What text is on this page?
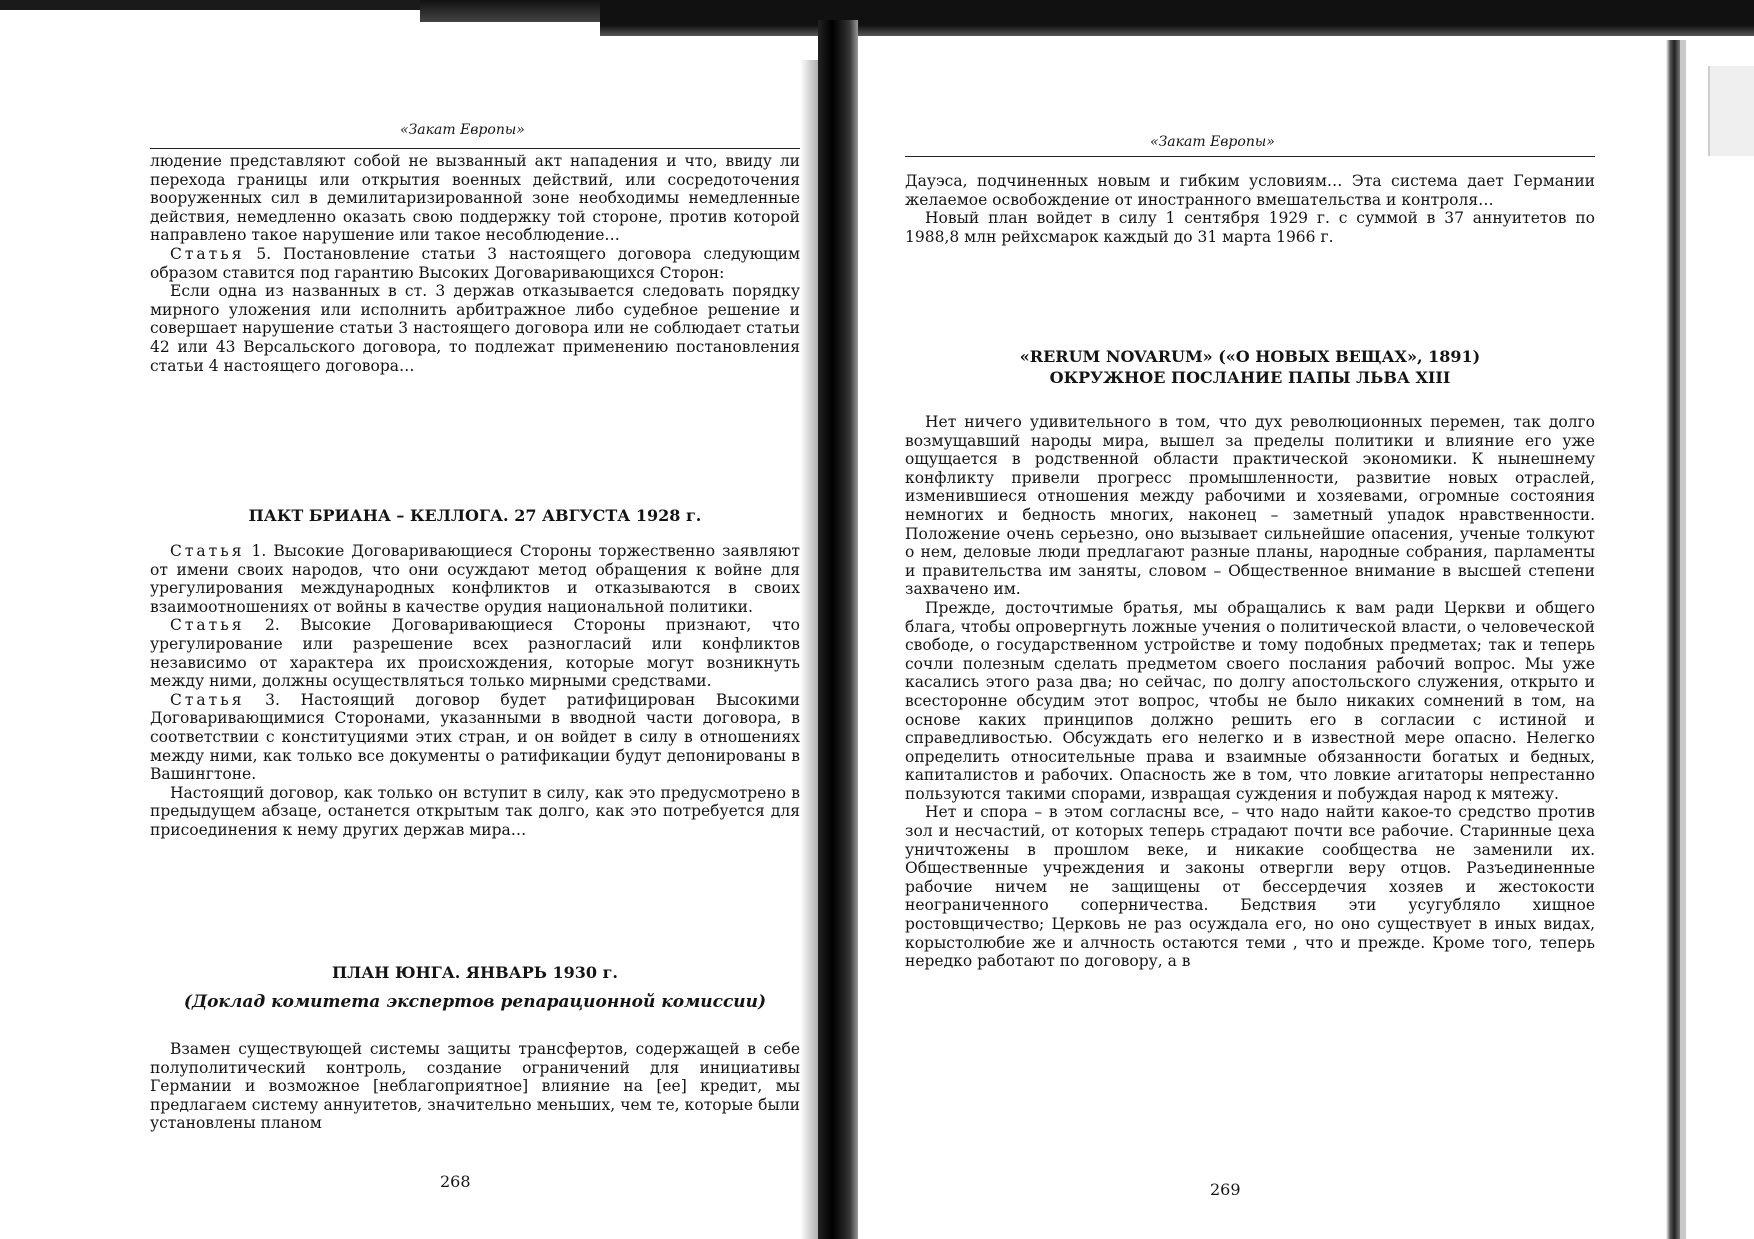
«Закат Европы»

людение представляют собой не вызванный акт нападения и что, ввиду ли перехода границы или открытия военных действий, или сосредоточения вооруженных сил в демилитаризированной зоне необходимы немедленные действия, немедленно оказать свою поддержку той стороне, против которой направлено такое нарушение или такое несоблюдение…

Статья 5. Постановление статьи 3 настоящего договора следующим образом ставится под гарантию Высоких Договаривающихся Сторон:

Если одна из названных в ст. 3 держав отказывается следовать порядку мирного уложения или исполнить арбитражное либо судебное решение и совершает нарушение статьи 3 настоящего договора или не соблюдает статьи 42 или 43 Версальского договора, то подлежат применению постановления статьи 4 настоящего договора…

ПАКТ БРИАНА – КЕЛЛОГА. 27 АВГУСТА 1928 г.

Статья 1. Высокие Договаривающиеся Стороны торжественно заявляют от имени своих народов, что они осуждают метод обращения к войне для урегулирования международных конфликтов и отказываются в своих взаимоотношениях от войны в качестве орудия национальной политики.

Статья 2. Высокие Договаривающиеся Стороны признают, что урегулирование или разрешение всех разногласий или конфликтов независимо от характера их происхождения, которые могут возникнуть между ними, должны осуществляться только мирными средствами.

Статья 3. Настоящий договор будет ратифицирован Высокими Договаривающимися Сторонами, указанными в вводной части договора, в соответствии с конституциями этих стран, и он войдет в силу в отношениях между ними, как только все документы о ратификации будут депонированы в Вашингтоне.

Настоящий договор, как только он вступит в силу, как это предусмотрено в предыдущем абзаце, останется открытым так долго, как это потребуется для присоединения к нему других держав мира…

ПЛАН ЮНГА. ЯНВАРЬ 1930 г.
(Доклад комитета экспертов репарационной комиссии)

Взамен существующей системы защиты трансфертов, содержащей в себе полуполитический контроль, создание ограничений для инициативы Германии и возможное [неблагоприятное] влияние на [ее] кредит, мы предлагаем систему аннуитетов, значительно меньших, чем те, которые были установлены планом

268
«Закат Европы»

Дауэса, подчиненных новым и гибким условиям… Эта система дает Германии желаемое освобождение от иностранного вмешательства и контроля…

Новый план войдет в силу 1 сентября 1929 г. с суммой в 37 аннуитетов по 1988,8 млн рейхсмарок каждый до 31 марта 1966 г.

«RERUM NOVARUM» («О НОВЫХ ВЕЩАХ», 1891)
ОКРУЖНОЕ ПОСЛАНИЕ ПАПЫ ЛЬВА XIII

Нет ничего удивительного в том, что дух революционных перемен, так долго возмущавший народы мира, вышел за пределы политики и влияние его уже ощущается в родственной области практической экономики. К нынешнему конфликту привели прогресс промышленности, развитие новых отраслей, изменившиеся отношения между рабочими и хозяевами, огромные состояния немногих и бедность многих, наконец – заметный упадок нравственности. Положение очень серьезно, оно вызывает сильнейшие опасения, ученые толкуют о нем, деловые люди предлагают разные планы, народные собрания, парламенты и правительства им заняты, словом – Общественное внимание в высшей степени захвачено им.

Прежде, досточтимые братья, мы обращались к вам ради Церкви и общего блага, чтобы опровергнуть ложные учения о политической власти, о человеческой свободе, о государственном устройстве и тому подобных предметах; так и теперь сочли полезным сделать предметом своего послания рабочий вопрос. Мы уже касались этого раза два; но сейчас, по долгу апостольского служения, открыто и всесторонне обсудим этот вопрос, чтобы не было никаких сомнений в том, на основе каких принципов должно решить его в согласии с истиной и справедливостью. Обсуждать его нелегко и в известной мере опасно. Нелегко определить относительные права и взаимные обязанности богатых и бедных, капиталистов и рабочих. Опасность же в том, что ловкие агитаторы непрестанно пользуются такими спорами, извращая суждения и побуждая народ к мятежу.

Нет и спора – в этом согласны все, – что надо найти какое-то средство против зол и несчастий, от которых теперь страдают почти все рабочие. Старинные цеха уничтожены в прошлом веке, и никакие сообщества не заменили их. Общественные учреждения и законы отвергли веру отцов. Разъединенные рабочие ничем не защищены от бессердечия хозяев и жестокости неограниченного соперничества. Бедствия эти усугубляло хищное ростовщичество; Церковь не раз осуждала его, но оно существует в иных видах, корыстолюбие же и алчность остаются теми , что и прежде. Кроме того, теперь нередко работают по договору, а в

269
